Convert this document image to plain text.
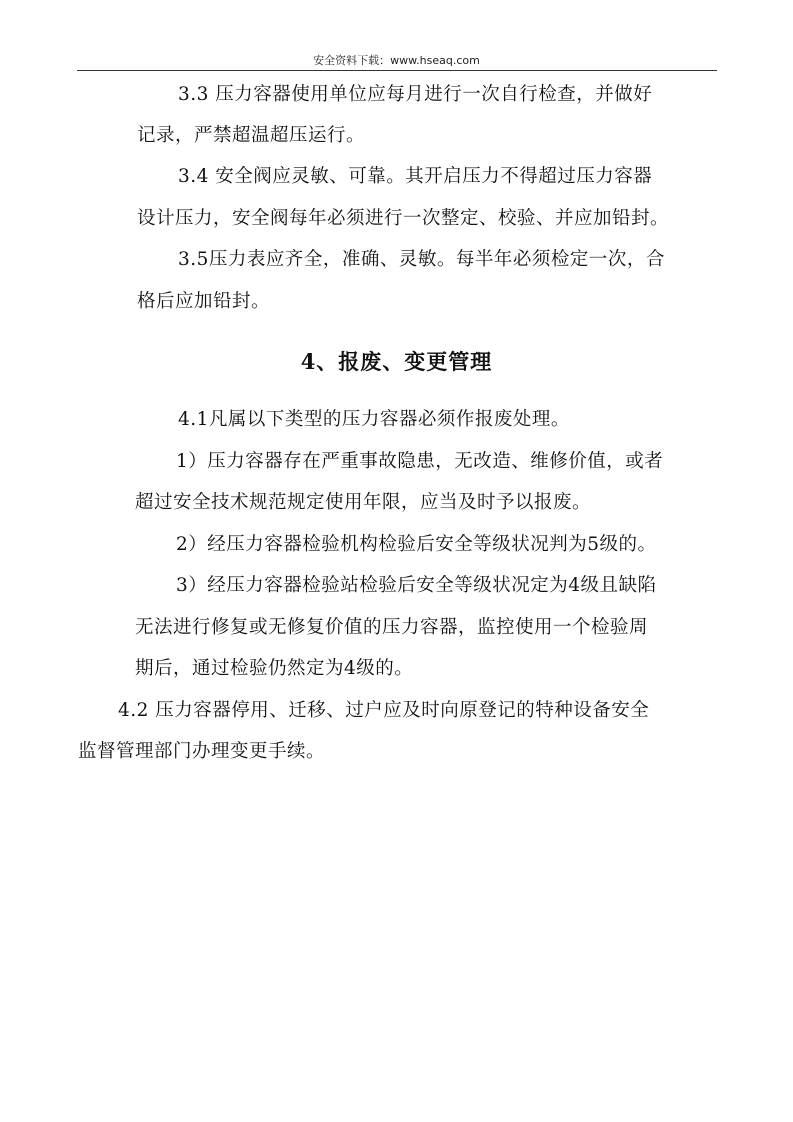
安全资料下载：www.hseaq.com
3.3 压力容器使用单位应每月进行一次自行检查，并做好
记录，严禁超温超压运行。
3.4 安全阀应灵敏、可靠。其开启压力不得超过压力容器
设计压力，安全阀每年必须进行一次整定、校验、并应加铅封。
3.5压力表应齐全，准确、灵敏。每半年必须检定一次，合
格后应加铅封。
4、报废、变更管理
4.1凡属以下类型的压力容器必须作报废处理。
1）压力容器存在严重事故隐患，无改造、维修价值，或者
超过安全技术规范规定使用年限，应当及时予以报废。
2）经压力容器检验机构检验后安全等级状况判为5级的。
3）经压力容器检验站检验后安全等级状况定为4级且缺陷
无法进行修复或无修复价值的压力容器，监控使用一个检验周
期后，通过检验仍然定为4级的。
4.2 压力容器停用、迁移、过户应及时向原登记的特种设备安全
监督管理部门办理变更手续。
